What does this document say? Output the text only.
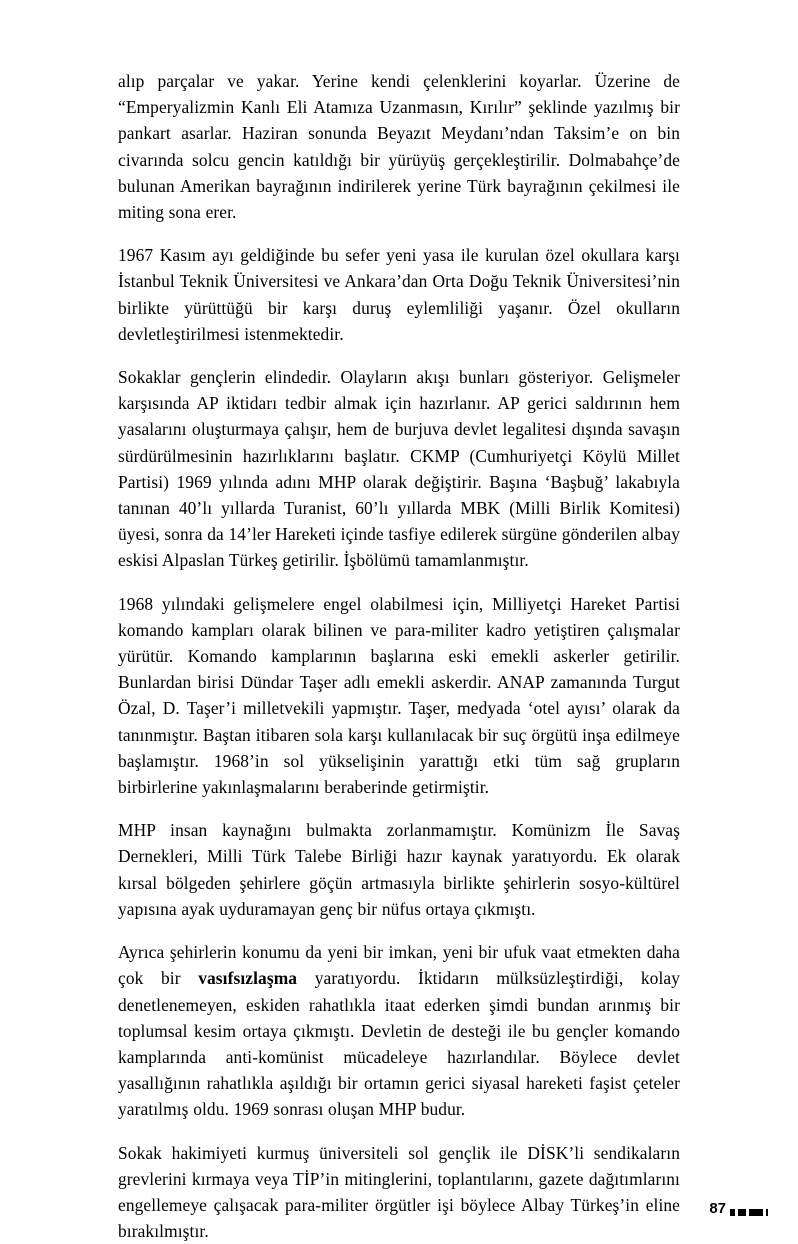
alıp parçalar ve yakar. Yerine kendi çelenklerini koyarlar. Üzerine de “Emperyalizmin Kanlı Eli Atamıza Uzanmasın, Kırılır” şeklinde yazılmış bir pankart asarlar. Haziran sonunda Beyazıt Meydanı’ndan Taksim’e on bin civarında solcu gencin katıldığı bir yürüyüş gerçekleştirilir. Dolmabahçe’de bulunan Amerikan bayrağının indirilerek yerine Türk bayrağının çekilmesi ile miting sona erer.

1967 Kasım ayı geldiğinde bu sefer yeni yasa ile kurulan özel okullara karşı İstanbul Teknik Üniversitesi ve Ankara’dan Orta Doğu Teknik Üniversitesi’nin birlikte yürüttüğü bir karşı duruş eylemliliği yaşanır. Özel okulların devletleştirilmesi istenmektedir.

Sokaklar gençlerin elindedir. Olayların akışı bunları gösteriyor. Gelişmeler karşısında AP iktidarı tedbir almak için hazırlanır. AP gerici saldırının hem yasalarını oluşturmaya çalışır, hem de burjuva devlet legalitesi dışında savaşın sürdürülmesinin hazırlıklarını başlatır. CKMP (Cumhuriyetçi Köylü Millet Partisi) 1969 yılında adını MHP olarak değiştirir. Başına ‘Başbuğ’ lakabıyla tanınan 40’lı yıllarda Turanist, 60’lı yıllarda MBK (Milli Birlik Komitesi) üyesi, sonra da 14’ler Hareketi içinde tasfiye edilerek sürgüne gönderilen albay eskisi Alpaslan Türkeş getirilir. İşbölümü tamamlanmıştır.

1968 yılındaki gelişmelere engel olabilmesi için, Milliyetçi Hareket Partisi komando kampları olarak bilinen ve para-militer kadro yetiştiren çalışmalar yürütür. Komando kamplarının başlarına eski emekli askerler getirilir. Bunlardan birisi Dündar Taşer adlı emekli askerdir. ANAP zamanında Turgut Özal, D. Taşer’i milletvekili yapmıştır. Taşer, medyada ‘otel ayısı’ olarak da tanınmıştır. Baştan itibaren sola karşı kullanılacak bir suç örgütü inşa edilmeye başlamıştır. 1968’in sol yükselişinin yarattığı etki tüm sağ grupların birbirlerine yakınlaşmalarını beraberinde getirmiştir.

MHP insan kaynağını bulmakta zorlanmamıştır. Komünizm İle Savaş Dernekleri, Milli Türk Talebe Birliği hazır kaynak yaratıyordu. Ek olarak kırsal bölgeden şehirlere göçün artmasıyla birlikte şehirlerin sosyo-kültürel yapısına ayak uyduramayan genç bir nüfus ortaya çıkmıştı.

Ayrıca şehirlerin konumu da yeni bir imkan, yeni bir ufuk vaat etmekten daha çok bir vasıfsızlaşma yaratıyordu. İktidarın mülksüzleştirdiği, kolay denetlenemeyen, eskiden rahatlıkla itaat ederken şimdi bundan arınmış bir toplumsal kesim ortaya çıkmıştı. Devletin de desteği ile bu gençler komando kamplarında anti-komünist mücadeleye hazırlandılar. Böylece devlet yasallığının rahatlıkla aşıldığı bir ortamın gerici siyasal hareketi faşist çeteler yaratılmış oldu. 1969 sonrası oluşan MHP budur.

Sokak hakimiyeti kurmuş üniversiteli sol gençlik ile DİSK’li sendikaların grevlerini kırmaya veya TİP’in mitinglerini, toplantılarını, gazete dağıtımlarını engellemeye çalışacak para-militer örgütler işi böylece Albay Türkeş’in eline bırakılmıştır.

87
